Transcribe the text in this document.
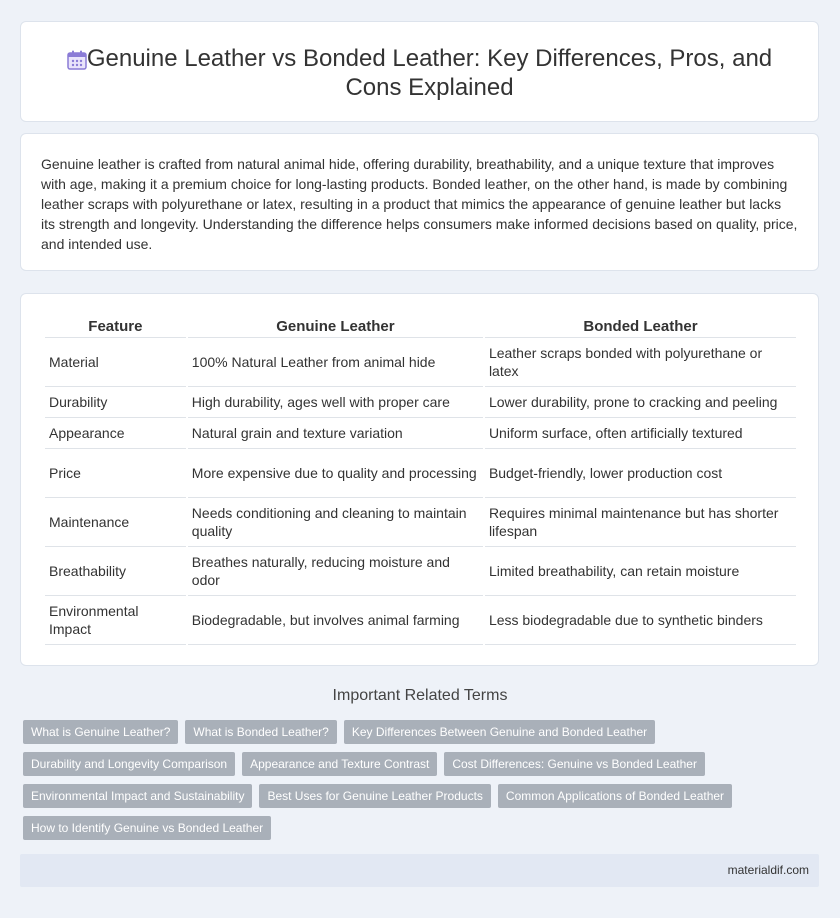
Genuine Leather vs Bonded Leather: Key Differences, Pros, and Cons Explained

Genuine leather is crafted from natural animal hide, offering durability, breathability, and a unique texture that improves with age, making it a premium choice for long-lasting products. Bonded leather, on the other hand, is made by combining leather scraps with polyurethane or latex, resulting in a product that mimics the appearance of genuine leather but lacks its strength and longevity. Understanding the difference helps consumers make informed decisions based on quality, price, and intended use.

Feature	Genuine Leather	Bonded Leather
Material	100% Natural Leather from animal hide	Leather scraps bonded with polyurethane or latex
Durability	High durability, ages well with proper care	Lower durability, prone to cracking and peeling
Appearance	Natural grain and texture variation	Uniform surface, often artificially textured
Price	More expensive due to quality and processing	Budget-friendly, lower production cost
Maintenance	Needs conditioning and cleaning to maintain quality	Requires minimal maintenance but has shorter lifespan
Breathability	Breathes naturally, reducing moisture and odor	Limited breathability, can retain moisture
Environmental Impact	Biodegradable, but involves animal farming	Less biodegradable due to synthetic binders
Important Related Terms
What is Genuine Leather?	What is Bonded Leather?	Key Differences Between Genuine and Bonded Leather
Durability and Longevity Comparison	Appearance and Texture Contrast	Cost Differences: Genuine vs Bonded Leather
Environmental Impact and Sustainability	Best Uses for Genuine Leather Products	Common Applications of Bonded Leather
How to Identify Genuine vs Bonded Leather
materialdif.com
